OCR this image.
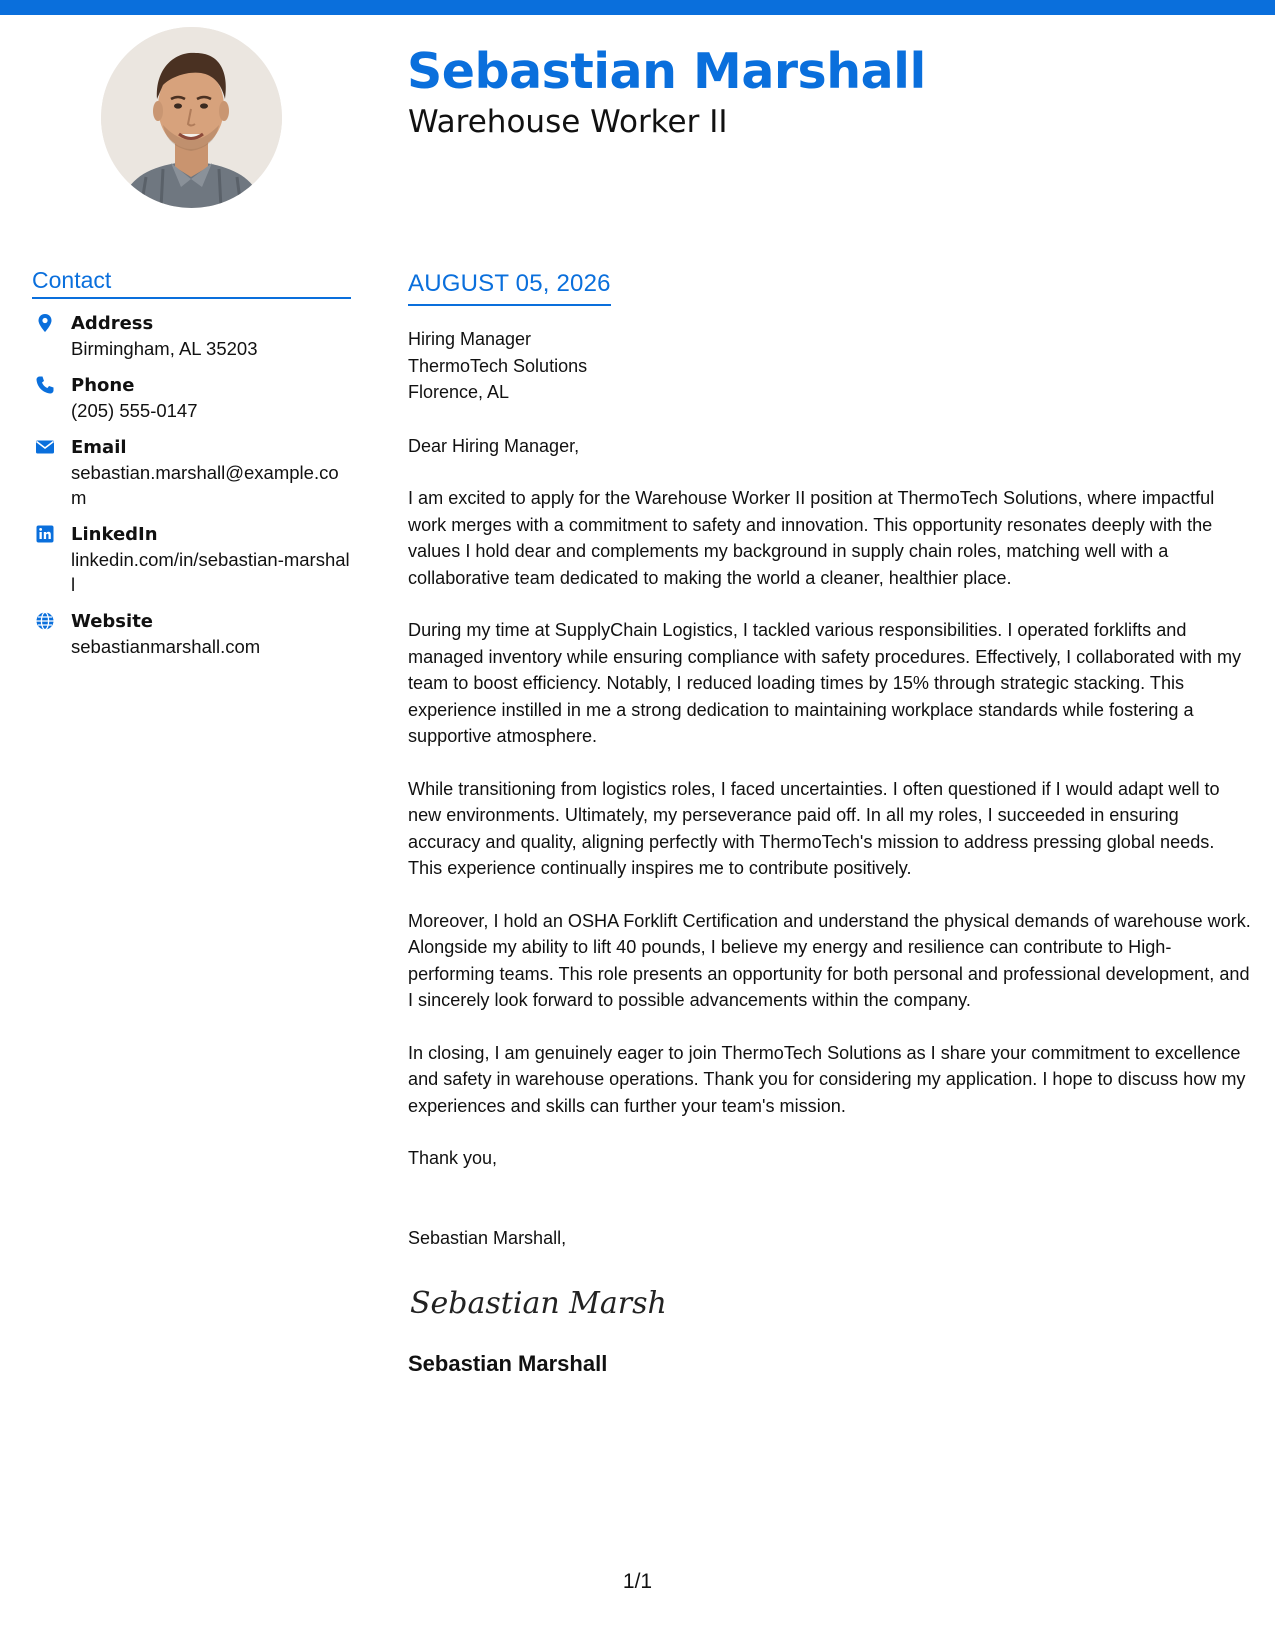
Sebastian Marshall
Warehouse Worker II
Contact
Address
Birmingham, AL 35203
Phone
(205) 555-0147
Email
sebastian.marshall@example.com
LinkedIn
linkedin.com/in/sebastian-marshall
Website
sebastianmarshall.com
AUGUST 05, 2026
Hiring Manager
ThermoTech Solutions
Florence, AL
Dear Hiring Manager,

I am excited to apply for the Warehouse Worker II position at ThermoTech Solutions, where impactful work merges with a commitment to safety and innovation. This opportunity resonates deeply with the values I hold dear and complements my background in supply chain roles, matching well with a collaborative team dedicated to making the world a cleaner, healthier place.

During my time at SupplyChain Logistics, I tackled various responsibilities. I operated forklifts and managed inventory while ensuring compliance with safety procedures. Effectively, I collaborated with my team to boost efficiency. Notably, I reduced loading times by 15% through strategic stacking. This experience instilled in me a strong dedication to maintaining workplace standards while fostering a supportive atmosphere.

While transitioning from logistics roles, I faced uncertainties. I often questioned if I would adapt well to new environments. Ultimately, my perseverance paid off. In all my roles, I succeeded in ensuring accuracy and quality, aligning perfectly with ThermoTech's mission to address pressing global needs. This experience continually inspires me to contribute positively.

Moreover, I hold an OSHA Forklift Certification and understand the physical demands of warehouse work. Alongside my ability to lift 40 pounds, I believe my energy and resilience can contribute to High-performing teams. This role presents an opportunity for both personal and professional development, and I sincerely look forward to possible advancements within the company.

In closing, I am genuinely eager to join ThermoTech Solutions as I share your commitment to excellence and safety in warehouse operations. Thank you for considering my application. I hope to discuss how my experiences and skills can further your team's mission.

Thank you,
Sebastian Marshall,
Sebastian Marsh
Sebastian Marshall
1/1
